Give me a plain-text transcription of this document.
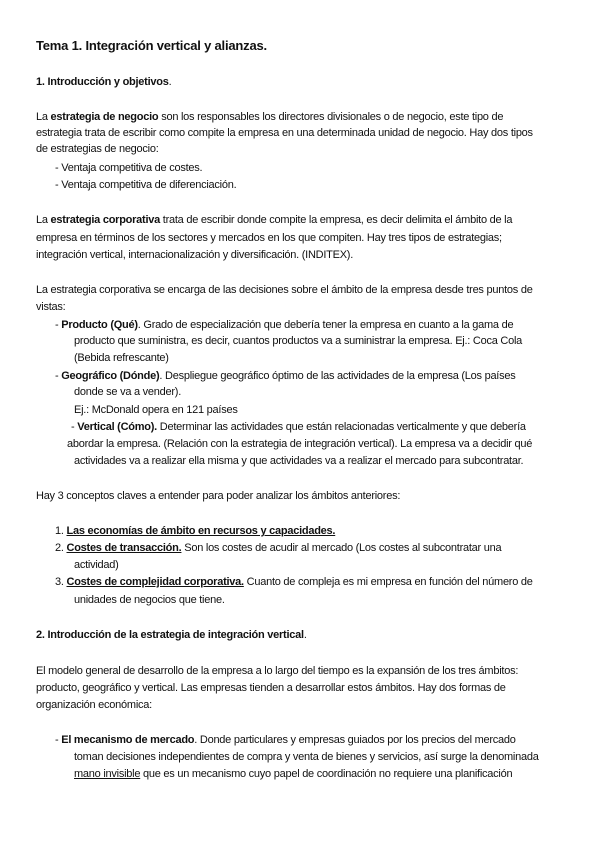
Tema 1. Integración vertical y alianzas.
1. Introducción y objetivos.
La estrategia de negocio son los responsables los directores divisionales o de negocio, este tipo de
estrategia trata de escribir como compite la empresa en una determinada unidad de negocio. Hay dos tipos
de estrategias de negocio:
- Ventaja competitiva de costes.
- Ventaja competitiva de diferenciación.
La estrategia corporativa trata de escribir donde compite la empresa, es decir delimita el ámbito de la
empresa en términos de los sectores y mercados en los que compiten. Hay tres tipos de estrategias;
integración vertical, internacionalización y diversificación. (INDITEX).
La estrategia corporativa se encarga de las decisiones sobre el ámbito de la empresa desde tres puntos de
vistas:
- Producto (Qué). Grado de especialización que debería tener la empresa en cuanto a la gama de
producto que suministra, es decir, cuantos productos va a suministrar la empresa. Ej.: Coca Cola
(Bebida refrescante)
- Geográfico (Dónde). Despliegue geográfico óptimo de las actividades de la empresa (Los países
donde se va a vender).
Ej.: McDonald opera en 121 países
- Vertical (Cómo). Determinar las actividades que están relacionadas verticalmente y que debería
abordar la empresa. (Relación con la estrategia de integración vertical). La empresa va a decidir qué
actividades va a realizar ella misma y que actividades va a realizar el mercado para subcontratar.
Hay 3 conceptos claves a entender para poder analizar los ámbitos anteriores:
1. Las economías de ámbito en recursos y capacidades.
2. Costes de transacción. Son los costes de acudir al mercado (Los costes al subcontratar una
actividad)
3. Costes de complejidad corporativa. Cuanto de compleja es mi empresa en función del número de
unidades de negocios que tiene.
2. Introducción de la estrategia de integración vertical.
El modelo general de desarrollo de la empresa a lo largo del tiempo es la expansión de los tres ámbitos:
producto, geográfico y vertical. Las empresas tienden a desarrollar estos ámbitos. Hay dos formas de
organización económica:
- El mecanismo de mercado. Donde particulares y empresas guiados por los precios del mercado
toman decisiones independientes de compra y venta de bienes y servicios, así surge la denominada
mano invisible que es un mecanismo cuyo papel de coordinación no requiere una planificación
